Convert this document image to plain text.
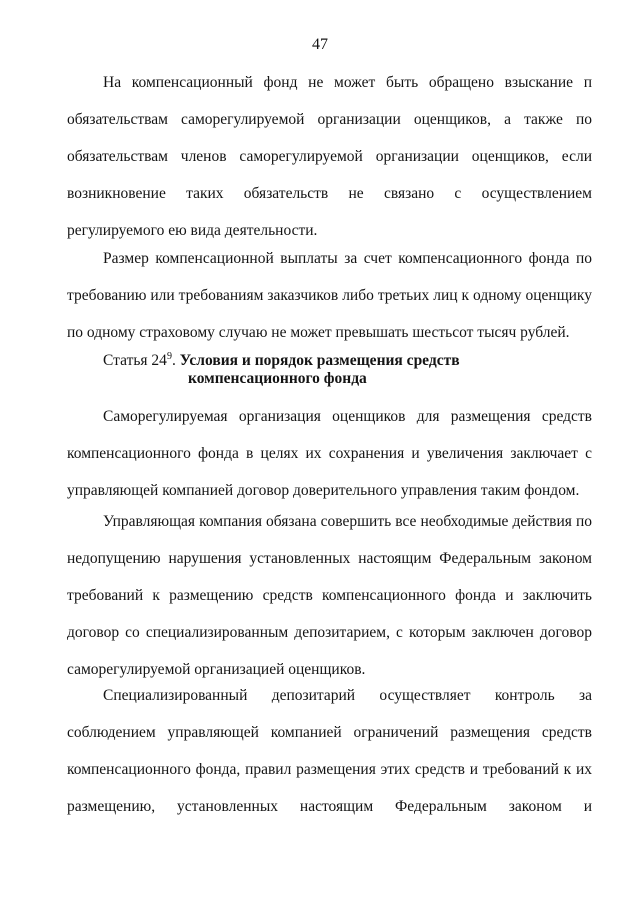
47

На компенсационный фонд не может быть обращено взыскание п обязательствам саморегулируемой организации оценщиков, а также по обязательствам членов саморегулируемой организации оценщиков, если возникновение таких обязательств не связано с осуществлением регулируемого ею вида деятельности.

Размер компенсационной выплаты за счет компенсационного фонда по требованию или требованиям заказчиков либо третьих лиц к одному оценщику по одному страховому случаю не может превышать шестьсот тысяч рублей.

Статья $24^9$. Условия и порядок размещения средств
компенсационного фонда

Саморегулируемая организация оценщиков для размещения средств компенсационного фонда в целях их сохранения и увеличения заключает с управляющей компанией договор доверительного управления таким фондом.

Управляющая компания обязана совершить все необходимые действия по недопущению нарушения установленных настоящим Федеральным законом требований к размещению средств компенсационного фонда и заключить договор со специализированным депозитарием, с которым заключен договор саморегулируемой организацией оценщиков.

Специализированный депозитарий осуществляет контроль за соблюдением управляющей компанией ограничений размещения средств компенсационного фонда, правил размещения этих средств и требований к их размещению, установленных настоящим Федеральным законом и
